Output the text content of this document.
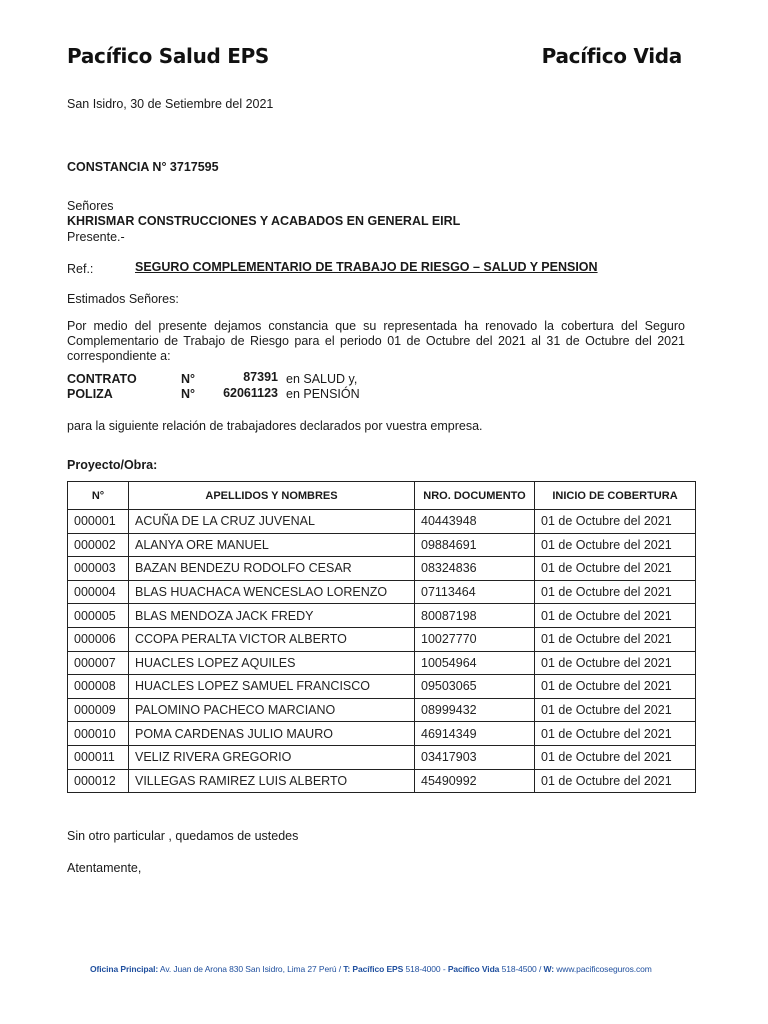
Pacífico Salud EPS	Pacífico Vida
San Isidro, 30 de Setiembre del 2021
CONSTANCIA N° 3717595
Señores
KHRISMAR CONSTRUCCIONES Y ACABADOS EN GENERAL EIRL
Presente.-
Ref.:	SEGURO COMPLEMENTARIO DE TRABAJO DE RIESGO – SALUD Y PENSION
Estimados Señores:
Por medio del presente dejamos constancia que su representada ha renovado la cobertura del Seguro
Complementario de Trabajo de Riesgo para el periodo 01 de Octubre del 2021 al 31 de Octubre del 2021
correspondiente a:
CONTRATO	N°	87391 en SALUD y,
POLIZA	N°	62061123 en PENSIÓN
para la siguiente relación de trabajadores declarados por vuestra empresa.
Proyecto/Obra:
N°	APELLIDOS Y NOMBRES	NRO. DOCUMENTO	INICIO DE COBERTURA
000001	ACUÑA DE LA CRUZ JUVENAL	40443948	01 de Octubre del 2021
000002	ALANYA ORE MANUEL	09884691	01 de Octubre del 2021
000003	BAZAN BENDEZU RODOLFO CESAR	08324836	01 de Octubre del 2021
000004	BLAS HUACHACA WENCESLAO LORENZO	07113464	01 de Octubre del 2021
000005	BLAS MENDOZA JACK FREDY	80087198	01 de Octubre del 2021
000006	CCOPA PERALTA VICTOR ALBERTO	10027770	01 de Octubre del 2021
000007	HUACLES LOPEZ AQUILES	10054964	01 de Octubre del 2021
000008	HUACLES LOPEZ SAMUEL FRANCISCO	09503065	01 de Octubre del 2021
000009	PALOMINO PACHECO MARCIANO	08999432	01 de Octubre del 2021
000010	POMA CARDENAS JULIO MAURO	46914349	01 de Octubre del 2021
000011	VELIZ RIVERA GREGORIO	03417903	01 de Octubre del 2021
000012	VILLEGAS RAMIREZ LUIS ALBERTO	45490992	01 de Octubre del 2021
Sin otro particular , quedamos de ustedes
Atentamente,
Oficina Principal: Av. Juan de Arona 830 San Isidro, Lima 27 Perú / T: Pacífico EPS 518-4000 - Pacífico Vida 518-4500 / W: www.pacificoseguros.com
